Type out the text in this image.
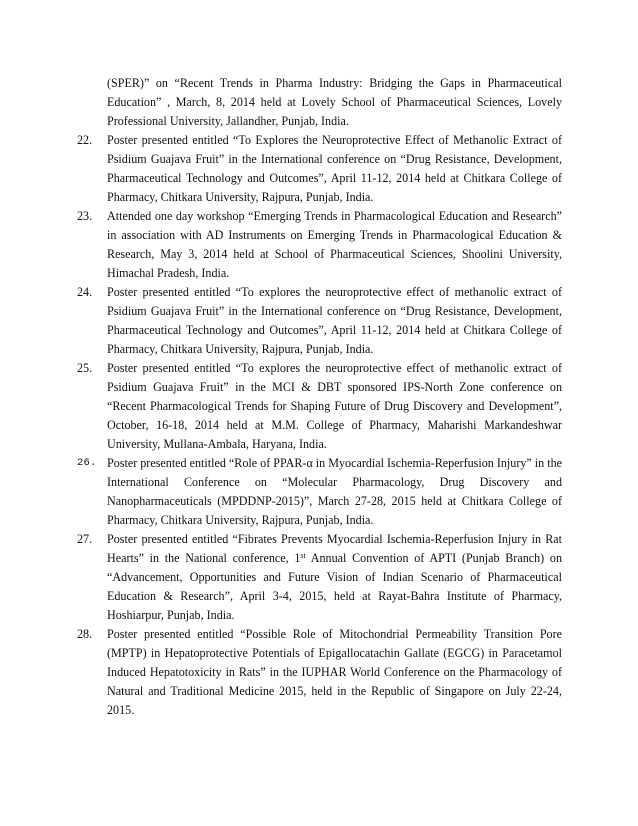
(SPER)” on “Recent Trends in Pharma Industry: Bridging the Gaps in Pharmaceutical Education” , March, 8, 2014 held at Lovely School of Pharmaceutical Sciences, Lovely Professional University, Jallandher, Punjab, India.
22.	Poster presented entitled “To Explores the Neuroprotective Effect of Methanolic Extract of Psidium Guajava Fruit” in the International conference on “Drug Resistance, Development, Pharmaceutical Technology and Outcomes”, April 11-12, 2014 held at Chitkara College of Pharmacy, Chitkara University, Rajpura, Punjab, India.
23.	Attended one day workshop “Emerging Trends in Pharmacological Education and Research” in association with AD Instruments on Emerging Trends in Pharmacological Education & Research, May 3, 2014 held at School of Pharmaceutical Sciences, Shoolini University, Himachal Pradesh, India.
24.	Poster presented entitled “To explores the neuroprotective effect of methanolic extract of Psidium Guajava Fruit” in the International conference on “Drug Resistance, Development, Pharmaceutical Technology and Outcomes”, April 11-12, 2014 held at Chitkara College of Pharmacy, Chitkara University, Rajpura, Punjab, India.
25.	Poster presented entitled “To explores the neuroprotective effect of methanolic extract of Psidium Guajava Fruit” in the MCI & DBT sponsored IPS-North Zone conference on “Recent Pharmacological Trends for Shaping Future of Drug Discovery and Development”, October, 16-18, 2014 held at M.M. College of Pharmacy, Maharishi Markandeshwar University, Mullana-Ambala, Haryana, India.
26. Poster presented entitled “Role of PPAR-α in Myocardial Ischemia-Reperfusion Injury” in the International Conference on “Molecular Pharmacology, Drug Discovery and Nanopharmaceuticals (MPDDNP-2015)”, March 27-28, 2015 held at Chitkara College of Pharmacy, Chitkara University, Rajpura, Punjab, India.
27.	Poster presented entitled “Fibrates Prevents Myocardial Ischemia-Reperfusion Injury in Rat Hearts” in the National conference, 1st Annual Convention of APTI (Punjab Branch) on “Advancement, Opportunities and Future Vision of Indian Scenario of Pharmaceutical Education & Research”, April 3-4, 2015, held at Rayat-Bahra Institute of Pharmacy, Hoshiarpur, Punjab, India.
28.	Poster presented entitled “Possible Role of Mitochondrial Permeability Transition Pore (MPTP) in Hepatoprotective Potentials of Epigallocatachin Gallate (EGCG) in Paracetamol Induced Hepatotoxicity in Rats” in the IUPHAR World Conference on the Pharmacology of Natural and Traditional Medicine 2015, held in the Republic of Singapore on July 22-24, 2015.
